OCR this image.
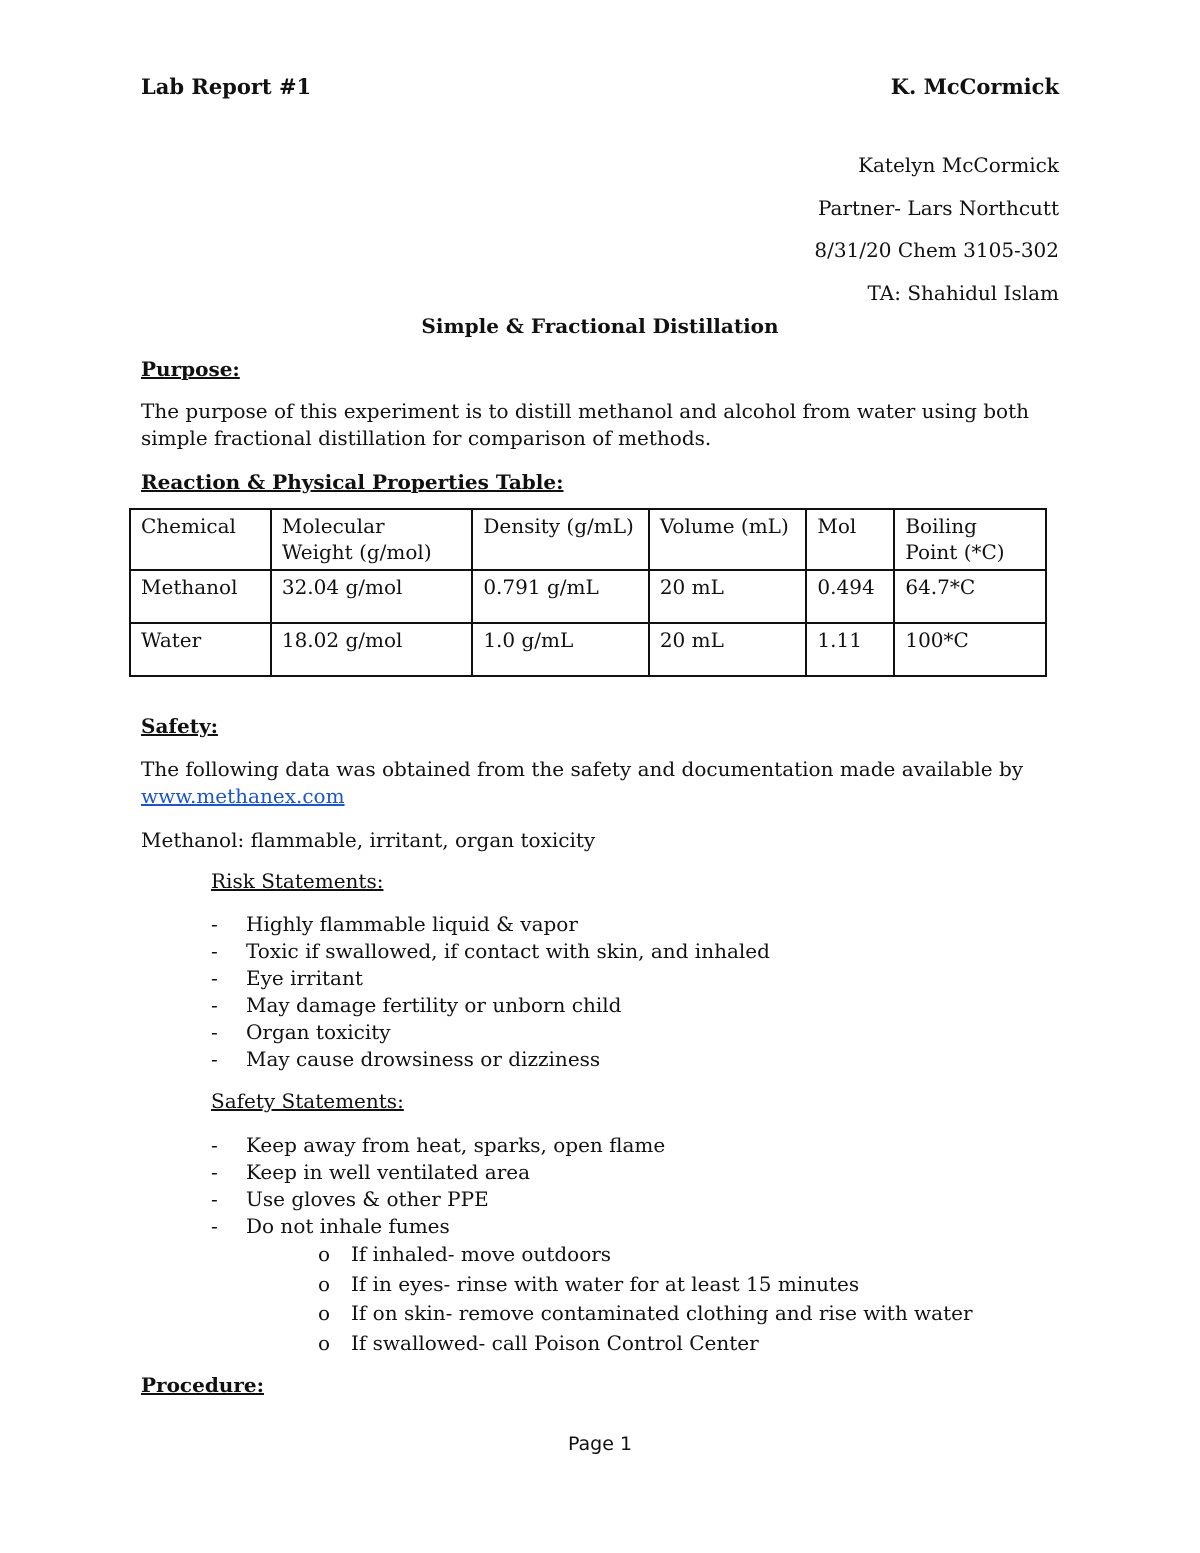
Lab Report #1	K. McCormick
Katelyn McCormick
Partner- Lars Northcutt
8/31/20 Chem 3105-302
TA: Shahidul Islam
Simple & Fractional Distillation
Purpose:
The purpose of this experiment is to distill methanol and alcohol from water using both simple fractional distillation for comparison of methods.
Reaction & Physical Properties Table:
Chemical	Molecular Weight (g/mol)	Density (g/mL)	Volume (mL)	Mol	Boiling Point (*C)
Methanol	32.04 g/mol	0.791 g/mL	20 mL	0.494	64.7*C
Water	18.02 g/mol	1.0 g/mL	20 mL	1.11	100*C
Safety:
The following data was obtained from the safety and documentation made available by
www.methanex.com
Methanol: flammable, irritant, organ toxicity
Risk Statements:
- Highly flammable liquid & vapor
- Toxic if swallowed, if contact with skin, and inhaled
- Eye irritant
- May damage fertility or unborn child
- Organ toxicity
- May cause drowsiness or dizziness
Safety Statements:
- Keep away from heat, sparks, open flame
- Keep in well ventilated area
- Use gloves & other PPE
- Do not inhale fumes
o If inhaled- move outdoors
o If in eyes- rinse with water for at least 15 minutes
o If on skin- remove contaminated clothing and rise with water
o If swallowed- call Poison Control Center
Procedure:
Page 1
